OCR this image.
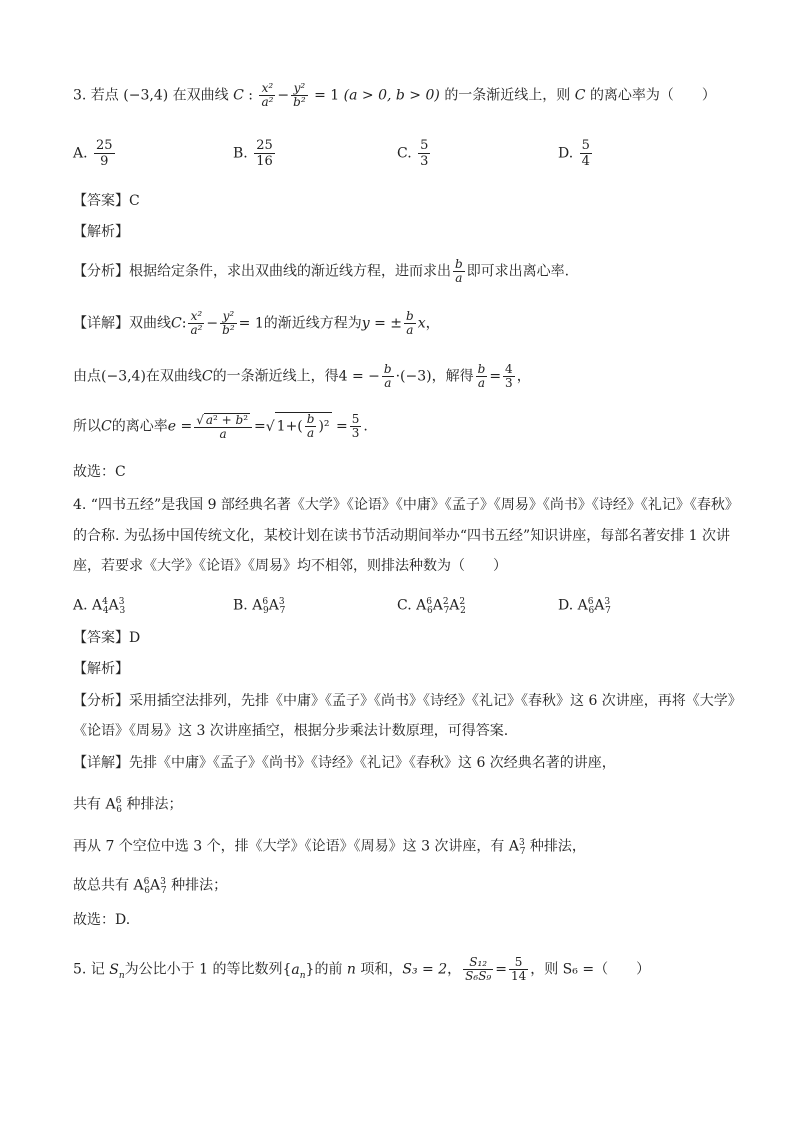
3. 若点 (−3,4) 在双曲线 C : $\frac{\text{x²}}{\text{a²}} - \frac{\text{y²}}{\text{b²}} = 1$ (a > 0, b > 0) 的一条渐近线上，则 C 的离心率为（　　）
A. $\frac{25}{9}$	B. $\frac{25}{16}$	C. $\frac{5}{3}$	D. $\frac{5}{4}$
【答案】C
【解析】
【分析】根据给定条件，求出双曲线的渐近线方程，进而求出 $\frac{b}{a}$ 即可求出离心率.
【详解】双曲线C: $\frac{\text{x²}}{\text{a²}} - \frac{\text{y²}}{\text{b²}} = 1$的渐近线方程为y = ± $\frac{b}{a}$ x，
由点(−3,4)在双曲线C的一条渐近线上，得4 = − $\frac{b}{a} \cdot(-3)$，解得 $\frac{b}{a} = \frac{4}{3}$ ，
所以C的离心率$e = \frac{\text{√ a² + b²}}{a}$ =√ $1+( \frac{b}{a} )^2 = \frac{5}{3}$ .
故选：C
4. “四书五经”是我国 9 部经典名著《大学》《论语》《中庸》《孟子》《周易》《尚书》《诗经》《礼记》《春秋》
的合称. 为弘扬中国传统文化，某校计划在读书节活动期间举办“四书五经”知识讲座，每部名著安排 1 次讲
座，若要求《大学》《论语》《周易》均不相邻，则排法种数为（　　）
A. $A^4_4A^3_3$	B. $A^6_9A^3_7$	C. $A^6_6A^2_7A^2_2$	D. $A^6_6A^3_7$
【答案】D
【解析】
【分析】采用插空法排列，先排《中庸》《孟子》《尚书》《诗经》《礼记》《春秋》这 6 次讲座，再将《大学》
《论语》《周易》这 3 次讲座插空，根据分步乘法计数原理，可得答案.
【详解】先排《中庸》《孟子》《尚书》《诗经》《礼记》《春秋》这 6 次经典名著的讲座，
共有 $A^6_6$ 种排法；
再从 7 个空位中选 3 个，排《大学》《论语》《周易》这 3 次讲座，有 $A^3_7$ 种排法，
故总共有 $A^6_6A^3_7$ 种排法；
故选：D.
5. 记 $S_n$为公比小于 1 的等比数列$\{a_n\}$的前 n 项和，S₃ = 2， $\frac{\text{S₁₂}}{\text{S₆S₉}} = \frac{5}{14}$ ，则 S₆ =（　　）
